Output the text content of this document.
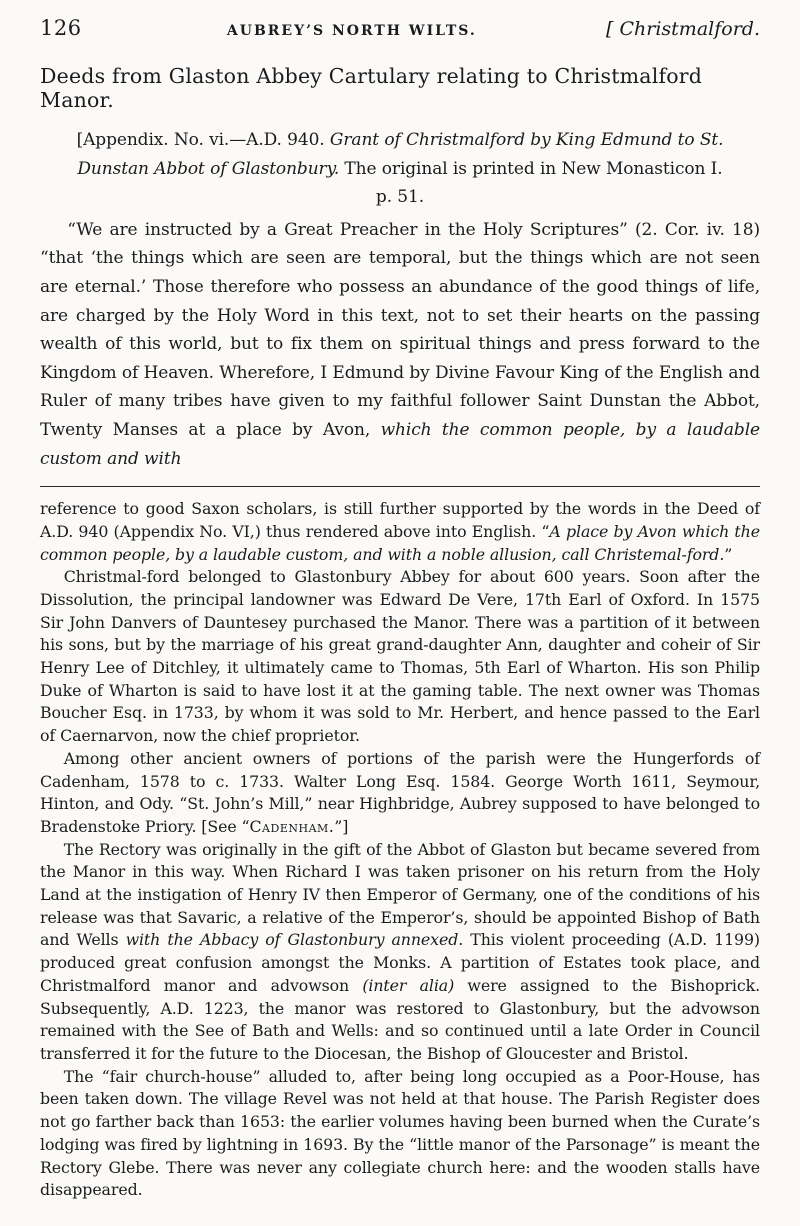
126	AUBREY’S NORTH WILTS.	[ Christmalford.
Deeds from Glaston Abbey Cartulary relating to Christmalford Manor.

[Appendix. No. vi.—A.D. 940. Grant of Christmalford by King Edmund to St. Dunstan Abbot of Glastonbury. The original is printed in New Monasticon I. p. 51.

“We are instructed by a Great Preacher in the Holy Scriptures” (2. Cor. iv. 18) “that ‘the things which are seen are temporal, but the things which are not seen are eternal.’ Those therefore who possess an abundance of the good things of life, are charged by the Holy Word in this text, not to set their hearts on the passing wealth of this world, but to fix them on spiritual things and press forward to the Kingdom of Heaven. Wherefore, I Edmund by Divine Favour King of the English and Ruler of many tribes have given to my faithful follower Saint Dunstan the Abbot, Twenty Manses at a place by Avon, which the common people, by a laudable custom and with

reference to good Saxon scholars, is still further supported by the words in the Deed of A.D. 940 (Appendix No. VI,) thus rendered above into English. “A place by Avon which the common people, by a laudable custom, and with a noble allusion, call Christemal-ford.”

Christmal-ford belonged to Glastonbury Abbey for about 600 years. Soon after the Dissolution, the principal landowner was Edward De Vere, 17th Earl of Oxford. In 1575 Sir John Danvers of Dauntesey purchased the Manor. There was a partition of it between his sons, but by the marriage of his great grand-daughter Ann, daughter and coheir of Sir Henry Lee of Ditchley, it ultimately came to Thomas, 5th Earl of Wharton. His son Philip Duke of Wharton is said to have lost it at the gaming table. The next owner was Thomas Boucher Esq. in 1733, by whom it was sold to Mr. Herbert, and hence passed to the Earl of Caernarvon, now the chief proprietor.

Among other ancient owners of portions of the parish were the Hungerfords of Cadenham, 1578 to c. 1733. Walter Long Esq. 1584. George Worth 1611, Seymour, Hinton, and Ody. “St. John’s Mill,” near Highbridge, Aubrey supposed to have belonged to Bradenstoke Priory. [See “Cadenham.”]

The Rectory was originally in the gift of the Abbot of Glaston but became severed from the Manor in this way. When Richard I was taken prisoner on his return from the Holy Land at the instigation of Henry IV then Emperor of Germany, one of the conditions of his release was that Savaric, a relative of the Emperor’s, should be appointed Bishop of Bath and Wells with the Abbacy of Glastonbury annexed. This violent proceeding (A.D. 1199) produced great confusion amongst the Monks. A partition of Estates took place, and Christmalford manor and advowson (inter alia) were assigned to the Bishoprick. Subsequently, A.D. 1223, the manor was restored to Glastonbury, but the advowson remained with the See of Bath and Wells: and so continued until a late Order in Council transferred it for the future to the Diocesan, the Bishop of Gloucester and Bristol.

The “fair church-house” alluded to, after being long occupied as a Poor-House, has been taken down. The village Revel was not held at that house. The Parish Register does not go farther back than 1653: the earlier volumes having been burned when the Curate’s lodging was fired by lightning in 1693. By the “little manor of the Parsonage” is meant the Rectory Glebe. There was never any collegiate church here: and the wooden stalls have disappeared.
